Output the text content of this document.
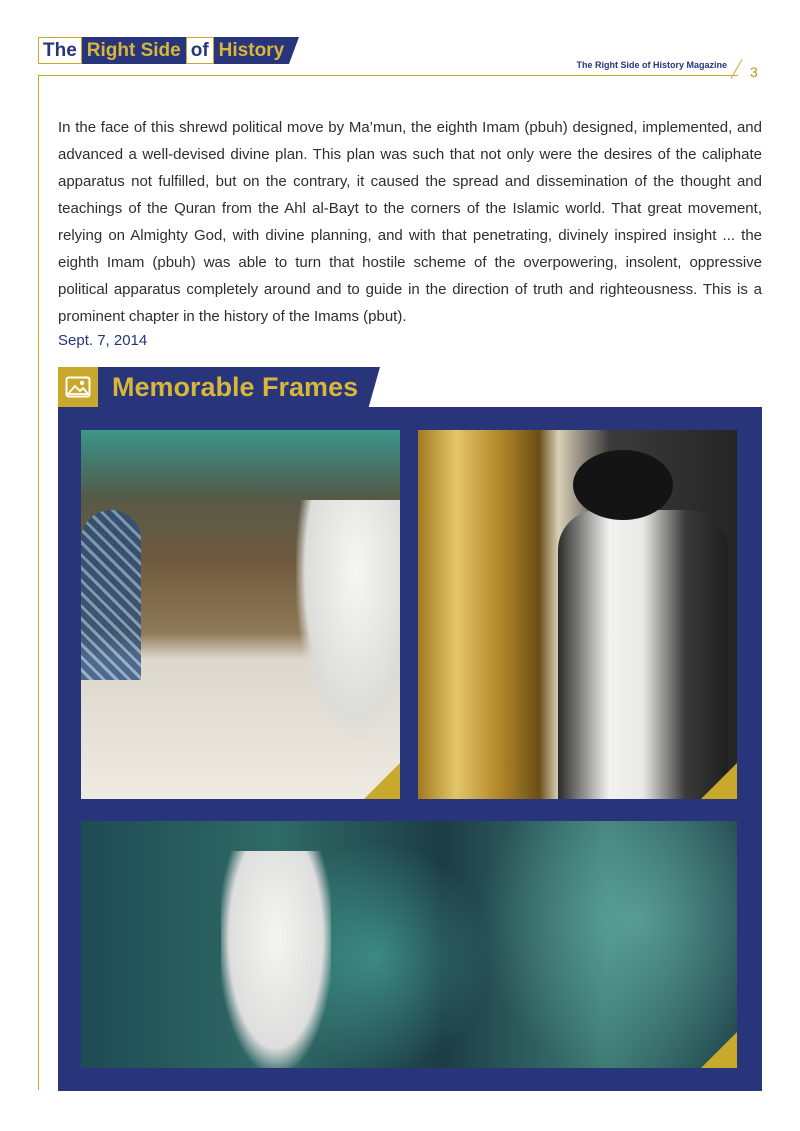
The Right Side of History
The Right Side of History Magazine 3

In the face of this shrewd political move by Ma’mun, the eighth Imam (pbuh) designed, implemented, and advanced a well-devised divine plan. This plan was such that not only were the desires of the caliphate apparatus not fulfilled, but on the contrary, it caused the spread and dissemination of the thought and teachings of the Quran from the Ahl al-Bayt to the corners of the Islamic world. That great movement, relying on Almighty God, with divine planning, and with that penetrating, divinely inspired insight ... the eighth Imam (pbuh) was able to turn that hostile scheme of the overpowering, insolent, oppressive political apparatus completely around and to guide in the direction of truth and righteousness. This is a prominent chapter in the history of the Imams (pbut).

Sept. 7, 2014
Memorable Frames
